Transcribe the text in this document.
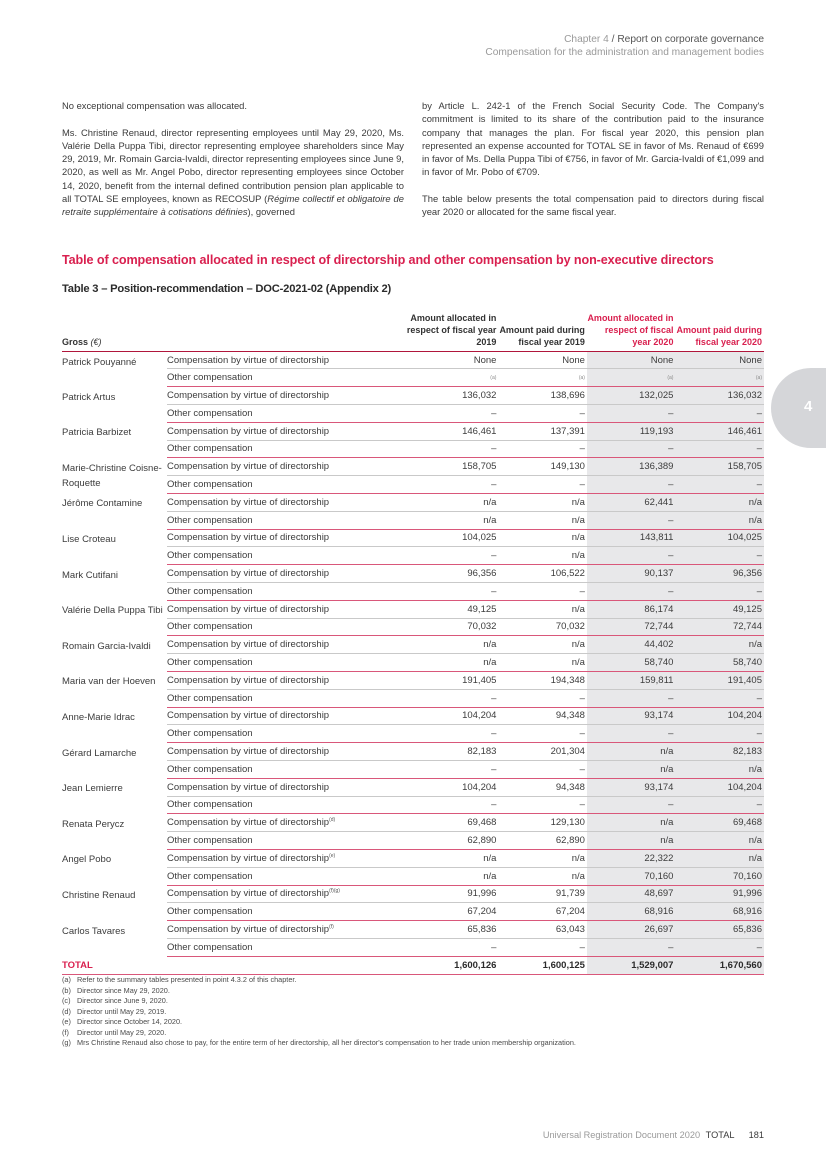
Chapter 4 / Report on corporate governance
Compensation for the administration and management bodies
4

No exceptional compensation was allocated.

Ms. Christine Renaud, director representing employees until May 29, 2020, Ms. Valérie Della Puppa Tibi, director representing employee shareholders since May 29, 2019, Mr. Romain Garcia-Ivaldi, director representing employees since June 9, 2020, as well as Mr. Angel Pobo, director representing employees since October 14, 2020, benefit from the internal defined contribution pension plan applicable to all TOTAL SE employees, known as RECOSUP (Régime collectif et obligatoire de retraite supplémentaire à cotisations définies), governed

by Article L. 242-1 of the French Social Security Code. The Company's commitment is limited to its share of the contribution paid to the insurance company that manages the plan. For fiscal year 2020, this pension plan represented an expense accounted for TOTAL SE in favor of Ms. Renaud of €699 in favor of Ms. Della Puppa Tibi of €756, in favor of Mr. Garcia-Ivaldi of €1,099 and in favor of Mr. Pobo of €709.

The table below presents the total compensation paid to directors during fiscal year 2020 or allocated for the same fiscal year.

Table of compensation allocated in respect of directorship and other compensation by non-executive directors
Table 3 – Position-recommendation – DOC-2021-02 (Appendix 2)
Gross (€)		Amount allocated in respect of fiscal year 2019	Amount paid during fiscal year 2019	Amount allocated in respect of fiscal year 2020	Amount paid during fiscal year 2020
Patrick Pouyanné	Compensation by virtue of directorship	None	None	None	None
	Other compensation	(a)	(a)	(a)	(a)
Patrick Artus	Compensation by virtue of directorship	136,032	138,696	132,025	136,032
	Other compensation	–	–	–	–
Patricia Barbizet	Compensation by virtue of directorship	146,461	137,391	119,193	146,461
	Other compensation	–	–	–	–
Marie-Christine Coisne-Roquette	Compensation by virtue of directorship	158,705	149,130	136,389	158,705
	Other compensation	–	–	–	–
Jérôme Contamine	Compensation by virtue of directorship	n/a	n/a	62,441	n/a
	Other compensation	n/a	n/a	–	n/a
Lise Croteau	Compensation by virtue of directorship	104,025	n/a	143,811	104,025
	Other compensation	–	n/a	–	–
Mark Cutifani	Compensation by virtue of directorship	96,356	106,522	90,137	96,356
	Other compensation	–	–	–	–
Valérie Della Puppa Tibi	Compensation by virtue of directorship	49,125	n/a	86,174	49,125
	Other compensation	70,032	70,032	72,744	72,744
Romain Garcia-Ivaldi	Compensation by virtue of directorship	n/a	n/a	44,402	n/a
	Other compensation	n/a	n/a	58,740	58,740
Maria van der Hoeven	Compensation by virtue of directorship	191,405	194,348	159,811	191,405
	Other compensation	–	–	–	–
Anne-Marie Idrac	Compensation by virtue of directorship	104,204	94,348	93,174	104,204
	Other compensation	–	–	–	–
Gérard Lamarche	Compensation by virtue of directorship	82,183	201,304	n/a	82,183
	Other compensation	–	–	n/a	n/a
Jean Lemierre	Compensation by virtue of directorship	104,204	94,348	93,174	104,204
	Other compensation	–	–	–	–
Renata Perycz	Compensation by virtue of directorship$^{(d)}$	69,468	129,130	n/a	69,468
	Other compensation	62,890	62,890	n/a	n/a
Angel Pobo	Compensation by virtue of directorship$^{(e)}$	n/a	n/a	22,322	n/a
	Other compensation	n/a	n/a	70,160	70,160
Christine Renaud	Compensation by virtue of directorship$^{(f)(g)}$	91,996	91,739	48,697	91,996
	Other compensation	67,204	67,204	68,916	68,916
Carlos Tavares	Compensation by virtue of directorship$^{(f)}$	65,836	63,043	26,697	65,836
	Other compensation	–	–	–	–
TOTAL		1,600,126	1,600,125	1,529,007	1,670,560
(a) Refer to the summary tables presented in point 4.3.2 of this chapter.
(b) Director since May 29, 2020.
(c) Director since June 9, 2020.
(d) Director until May 29, 2019.
(e) Director since October 14, 2020.
(f)	Director until May 29, 2020.
(g) Mrs Christine Renaud also chose to pay, for the entire term of her directorship, all her director's compensation to her trade union membership organization.
Universal Registration Document 2020 TOTAL 181
